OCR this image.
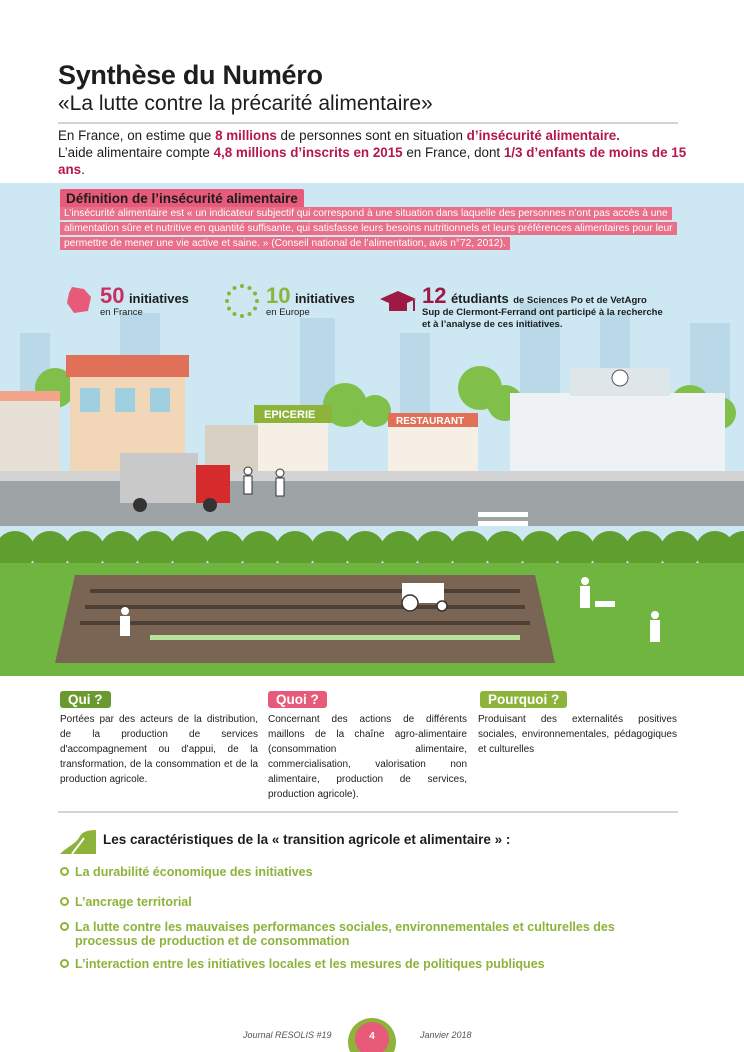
Synthèse du Numéro
«La lutte contre la précarité alimentaire»
En France, on estime que 8 millions de personnes sont en situation d’insécurité alimentaire.
L’aide alimentaire compte 4,8 millions d’inscrits en 2015 en France, dont 1/3 d’enfants de moins de 15 ans.
EPICERIE
RESTAURANT
Définition de l’insécurité alimentaire
L’insécurité alimentaire est « un indicateur subjectif qui correspond à une situation dans laquelle des personnes n’ont pas accès à une alimentation sûre et nutritive en quantité suffisante, qui satisfasse leurs besoins nutritionnels et leurs préférences alimentaires pour leur permettre de mener une vie active et saine. » (Conseil national de l’alimentation, avis n°72, 2012).
50 initiatives
en France
10 initiatives
en Europe
12 étudiants de Sciences Po et de VetAgro
Sup de Clermont-Ferrand ont participé à la recherche et à l’analyse de ces initiatives.
Qui ?
Portées par des acteurs de la distribution, de la production de services d'accompagnement ou d'appui, de la transformation, de la consommation et de la production agricole.
Quoi ?
Concernant des actions de différents maillons de la chaîne agro-alimentaire (consommation alimentaire, commercialisation, valorisation non alimentaire, production de services, production agricole).
Pourquoi ?
Produisant des externalités positives sociales, environnementales, pédagogiques et culturelles
Les caractéristiques de la « transition agricole et alimentaire » :
La durabilité économique des initiatives
L’ancrage territorial
La lutte contre les mauvaises performances sociales, environnementales et culturelles des processus de production et de consommation
L’interaction entre les initiatives locales et les mesures de politiques publiques
Journal RESOLIS #19	4	Janvier 2018
